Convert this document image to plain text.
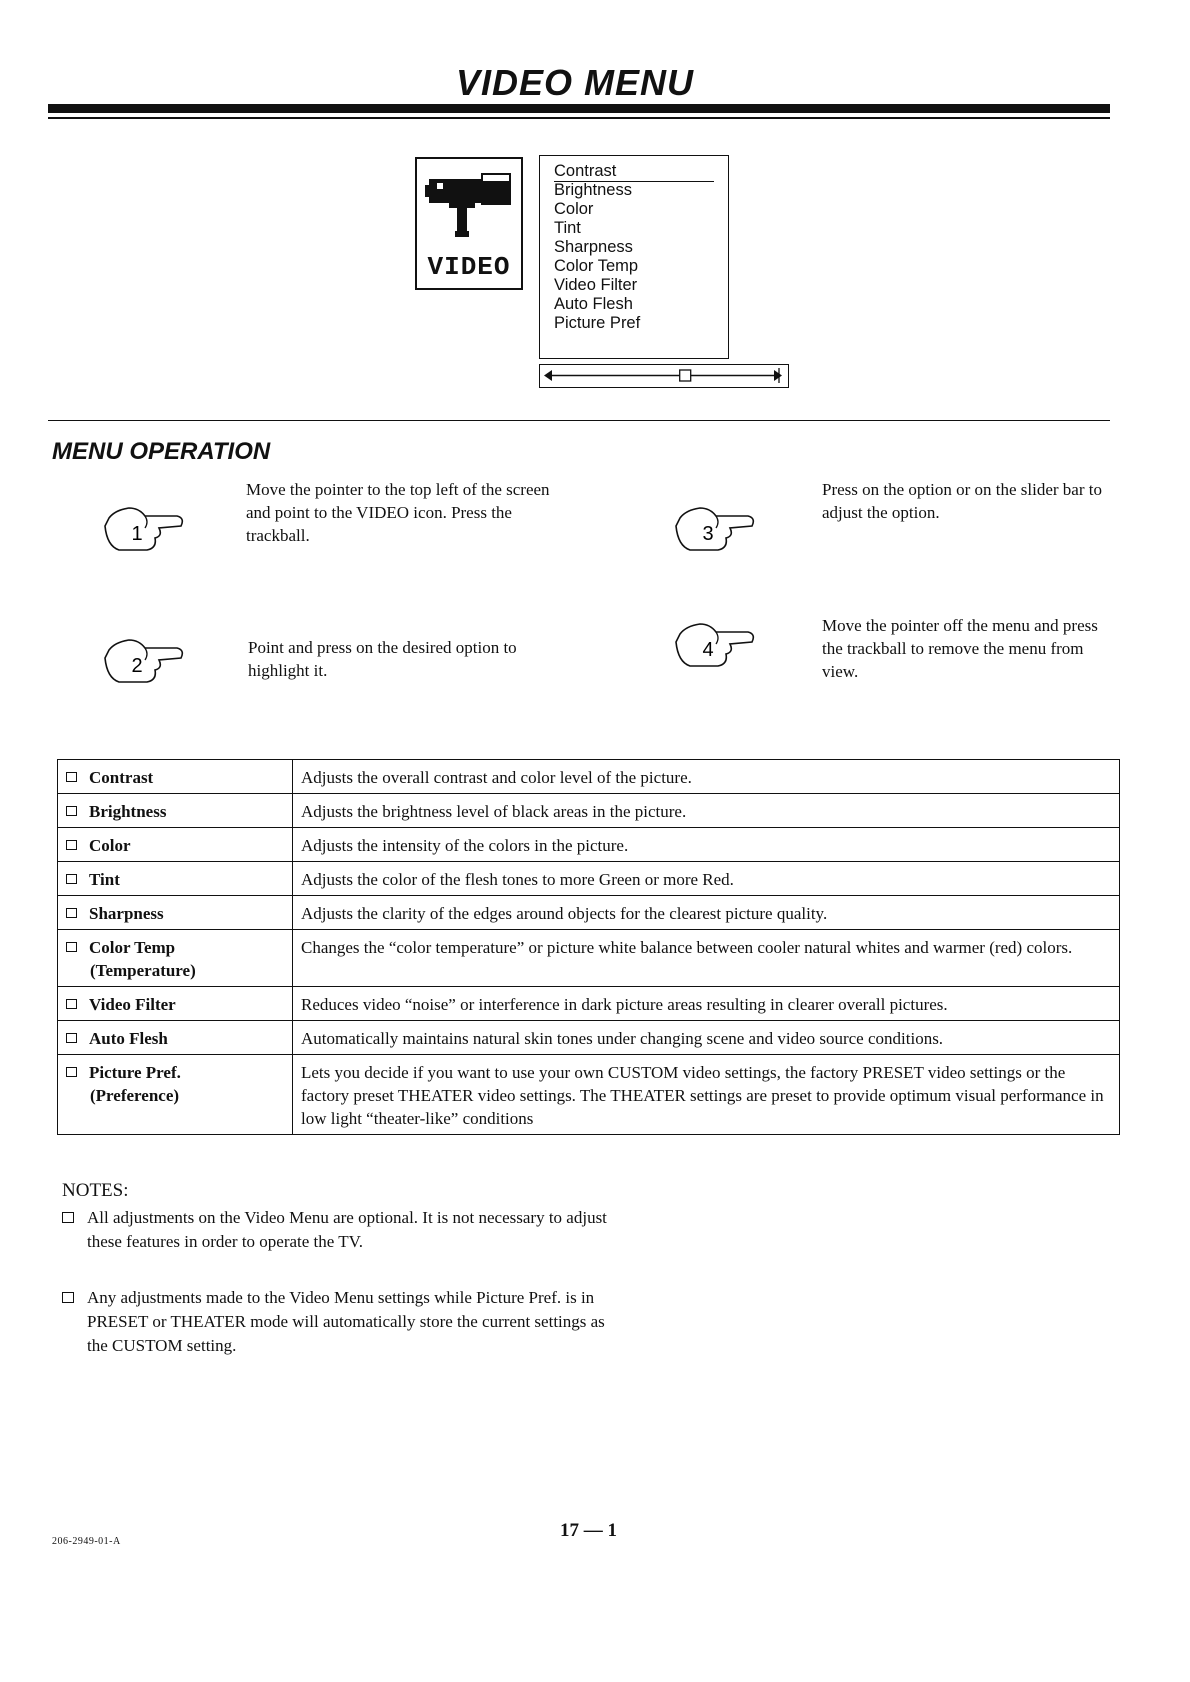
VIDEO MENU
VIDEO
Contrast
Brightness
Color
Tint
Sharpness
Color Temp
Video Filter
Auto Flesh
Picture Pref
MENU OPERATION
1
Move the pointer to the top left of the screen and point to the VIDEO icon. Press the trackball.
2
Point and press on the desired option to highlight it.
3
Press on the option or on the slider bar to adjust the option.
4
Move the pointer off the menu and press the trackball to remove the menu from view.
Contrast	Adjusts the overall contrast and color level of the picture.
Brightness	Adjusts the brightness level of black areas in the picture.
Color	Adjusts the intensity of the colors in the picture.
Tint	Adjusts the color of the flesh tones to more Green or more Red.
Sharpness	Adjusts the clarity of the edges around objects for the clearest picture quality.
Color Temp
(Temperature)	Changes the “color temperature” or picture white balance between cooler natural whites and warmer (red) colors.
Video Filter	Reduces video “noise” or interference in dark picture areas resulting in clearer overall pictures.
Auto Flesh	Automatically maintains natural skin tones under changing scene and video source conditions.
Picture Pref.
(Preference)	Lets you decide if you want to use your own CUSTOM video settings, the factory PRESET video settings or the factory preset THEATER video settings. The THEATER settings are preset to provide optimum visual performance in low light “theater-like” conditions
NOTES:
All adjustments on the Video Menu are optional. It is not necessary to adjust these features in order to operate the TV.
Any adjustments made to the Video Menu settings while Picture Pref. is in PRESET or THEATER mode will automatically store the current settings as the CUSTOM setting.
206-2949-01-A
17 — 1
